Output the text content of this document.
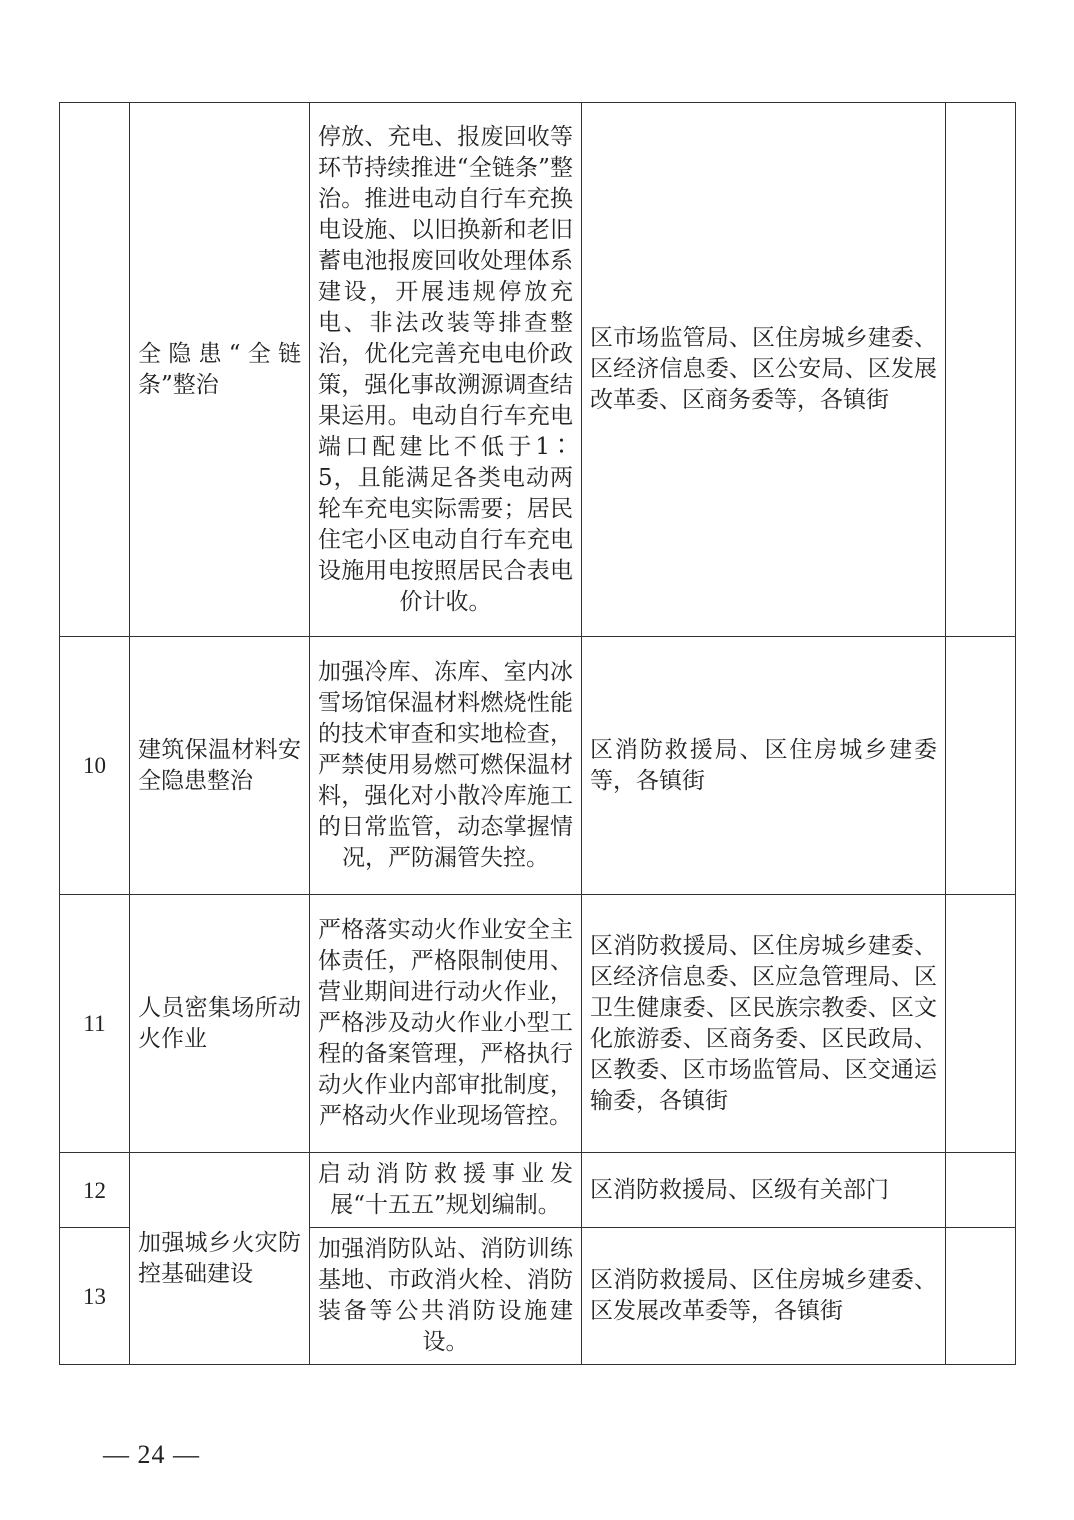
	全隐患“全链条”整治	停放、充电、报废回收等环节持续推进“全链条”整治。推进电动自行车充换电设施、以旧换新和老旧蓄电池报废回收处理体系建设，开展违规停放充电、非法改装等排查整治，优化完善充电电价政策，强化事故溯源调查结果运用。电动自行车充电端口配建比不低于1∶5，且能满足各类电动两轮车充电实际需要；居民住宅小区电动自行车充电设施用电按照居民合表电价计收。	区市场监管局、区住房城乡建委、区经济信息委、区公安局、区发展改革委、区商务委等，各镇街	
10	建筑保温材料安全隐患整治	加强冷库、冻库、室内冰雪场馆保温材料燃烧性能的技术审查和实地检查，严禁使用易燃可燃保温材料，强化对小散冷库施工的日常监管，动态掌握情况，严防漏管失控。	区消防救援局、区住房城乡建委等，各镇街	
11	人员密集场所动火作业	严格落实动火作业安全主体责任，严格限制使用、营业期间进行动火作业，严格涉及动火作业小型工程的备案管理，严格执行动火作业内部审批制度，严格动火作业现场管控。	区消防救援局、区住房城乡建委、区经济信息委、区应急管理局、区卫生健康委、区民族宗教委、区文化旅游委、区商务委、区民政局、区教委、区市场监管局、区交通运输委，各镇街	
12	加强城乡火灾防控基础建设	启动消防救援事业发展“十五五”规划编制。	区消防救援局、区级有关部门	
13		加强消防队站、消防训练基地、市政消火栓、消防装备等公共消防设施建设。	区消防救援局、区住房城乡建委、区发展改革委等，各镇街	
— 24 —
